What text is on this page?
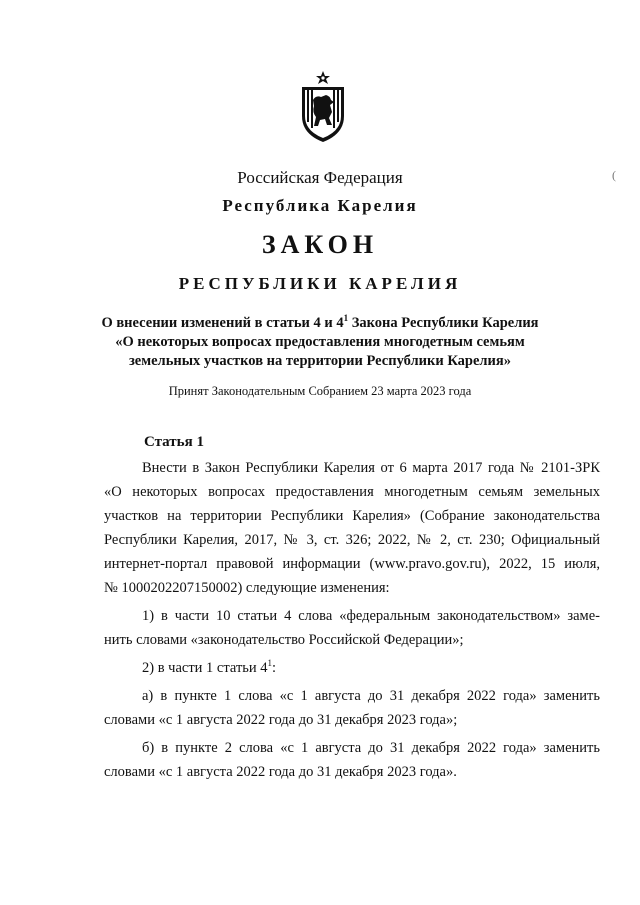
(
Российская Федерация
Республика Карелия
ЗАКОН
РЕСПУБЛИКИ КАРЕЛИЯ
О внесении изменений в статьи 4 и $4^1$ Закона Республики Карелия
«О некоторых вопросах предоставления многодетным семьям
земельных участков на территории Республики Карелия»
Принят Законодательным Собранием 23 марта 2023 года
Статья 1
Внести в Закон Республики Карелия от 6 марта 2017 года № 2101-ЗРК
«О некоторых вопросах предоставления многодетным семьям земельных
участков на территории Республики Карелия» (Собрание законодательства
Республики Карелия, 2017, № 3, ст. 326; 2022, № 2, ст. 230; Официальный
интернет-портал правовой информации (www.pravo.gov.ru), 2022, 15 июля,
№ 1000202207150002) следующие изменения:
1) в части 10 статьи 4 слова «федеральным законодательством» заме-
нить словами «законодательство Российской Федерации»;
2) в части 1 статьи $4^1$:
а) в пункте 1 слова «с 1 августа до 31 декабря 2022 года» заменить
словами «с 1 августа 2022 года до 31 декабря 2023 года»;
б) в пункте 2 слова «с 1 августа до 31 декабря 2022 года» заменить
словами «с 1 августа 2022 года до 31 декабря 2023 года».
